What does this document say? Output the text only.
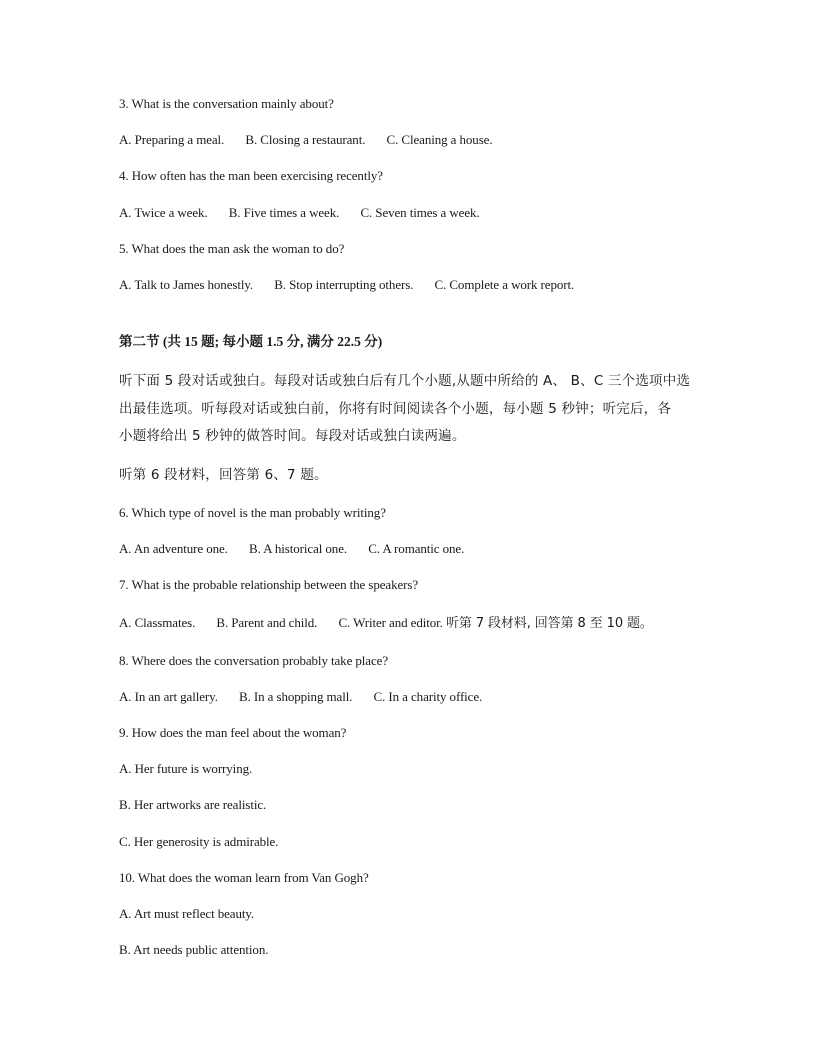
3. What is the conversation mainly about?
A. Preparing a meal. B. Closing a restaurant. C. Cleaning a house.
4. How often has the man been exercising recently?
A. Twice a week. B. Five times a week. C. Seven times a week.
5. What does the man ask the woman to do?
A. Talk to James honestly. B. Stop interrupting others. C. Complete a work report.
第二节 (共 15 题; 每小题 1.5 分, 满分 22.5 分)
听下面 5 段对话或独白。每段对话或独白后有几个小题,从题中所给的 A、 B、C 三个选项中选
出最佳选项。听每段对话或独白前，你将有时间阅读各个小题，每小题 5 秒钟；听完后，各
小题将给出 5 秒钟的做答时间。每段对话或独白读两遍。
听第 6 段材料，回答第 6、7 题。
6. Which type of novel is the man probably writing?
A. An adventure one. B. A historical one. C. A romantic one.
7. What is the probable relationship between the speakers?
A. Classmates. B. Parent and child. C. Writer and editor. 听第 7 段材料, 回答第 8 至 10 题。
8. Where does the conversation probably take place?
A. In an art gallery. B. In a shopping mall. C. In a charity office.
9. How does the man feel about the woman?
A. Her future is worrying.
B. Her artworks are realistic.
C. Her generosity is admirable.
10. What does the woman learn from Van Gogh?
A. Art must reflect beauty.
B. Art needs public attention.
